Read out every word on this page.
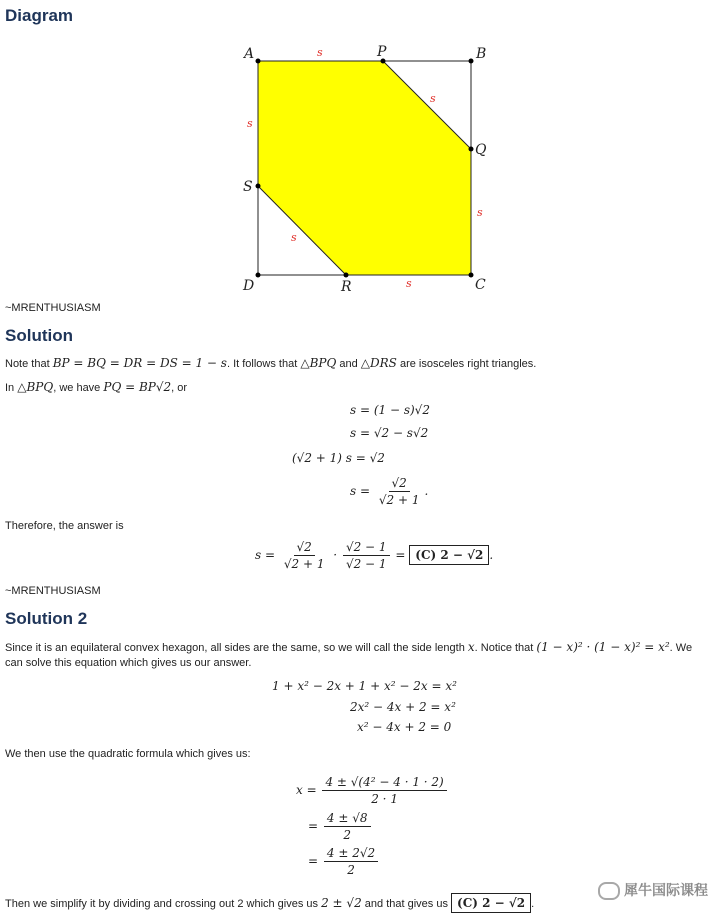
Diagram
A	P	B
Q
S
D	R	C
s
s
s
s
s
s
~MRENTHUSIASM
Solution
Note that BP = BQ = DR = DS = 1 − s. It follows that △BPQ and △DRS are isosceles right triangles.
In △BPQ, we have PQ = BP√2, or
s = (1 − s)√2
s = √2 − s√2
(√2 + 1) s = √2
$s = \frac{√2}{√2 + 1}$ .
Therefore, the answer is
$s = \frac{√2}{√2 + 1} \cdot \frac{√2 - 1}{√2 - 1} = (C) 2 - √2$ .
~MRENTHUSIASM
Solution 2
Since it is an equilateral convex hexagon, all sides are the same, so we will call the side length x. Notice that (1 − x)² · (1 − x)² = x². We
can solve this equation which gives us our answer.
1 + x² − 2x + 1 + x² − 2x = x²
2x² − 4x + 2 = x²
x² − 4x + 2 = 0
We then use the quadratic formula which gives us:
$x = \frac{\text{4 ± √(4² − 4 · 1 · 2)}}{2 \cdot 1}$
= $\frac{4 \pm √8}{2}$
= $\frac{4 \pm 2√2}{2}$
Then we simplify it by dividing and crossing out 2 which gives us 2 ± √2 and that gives us (C) 2 − √2 .
犀牛国际课程
